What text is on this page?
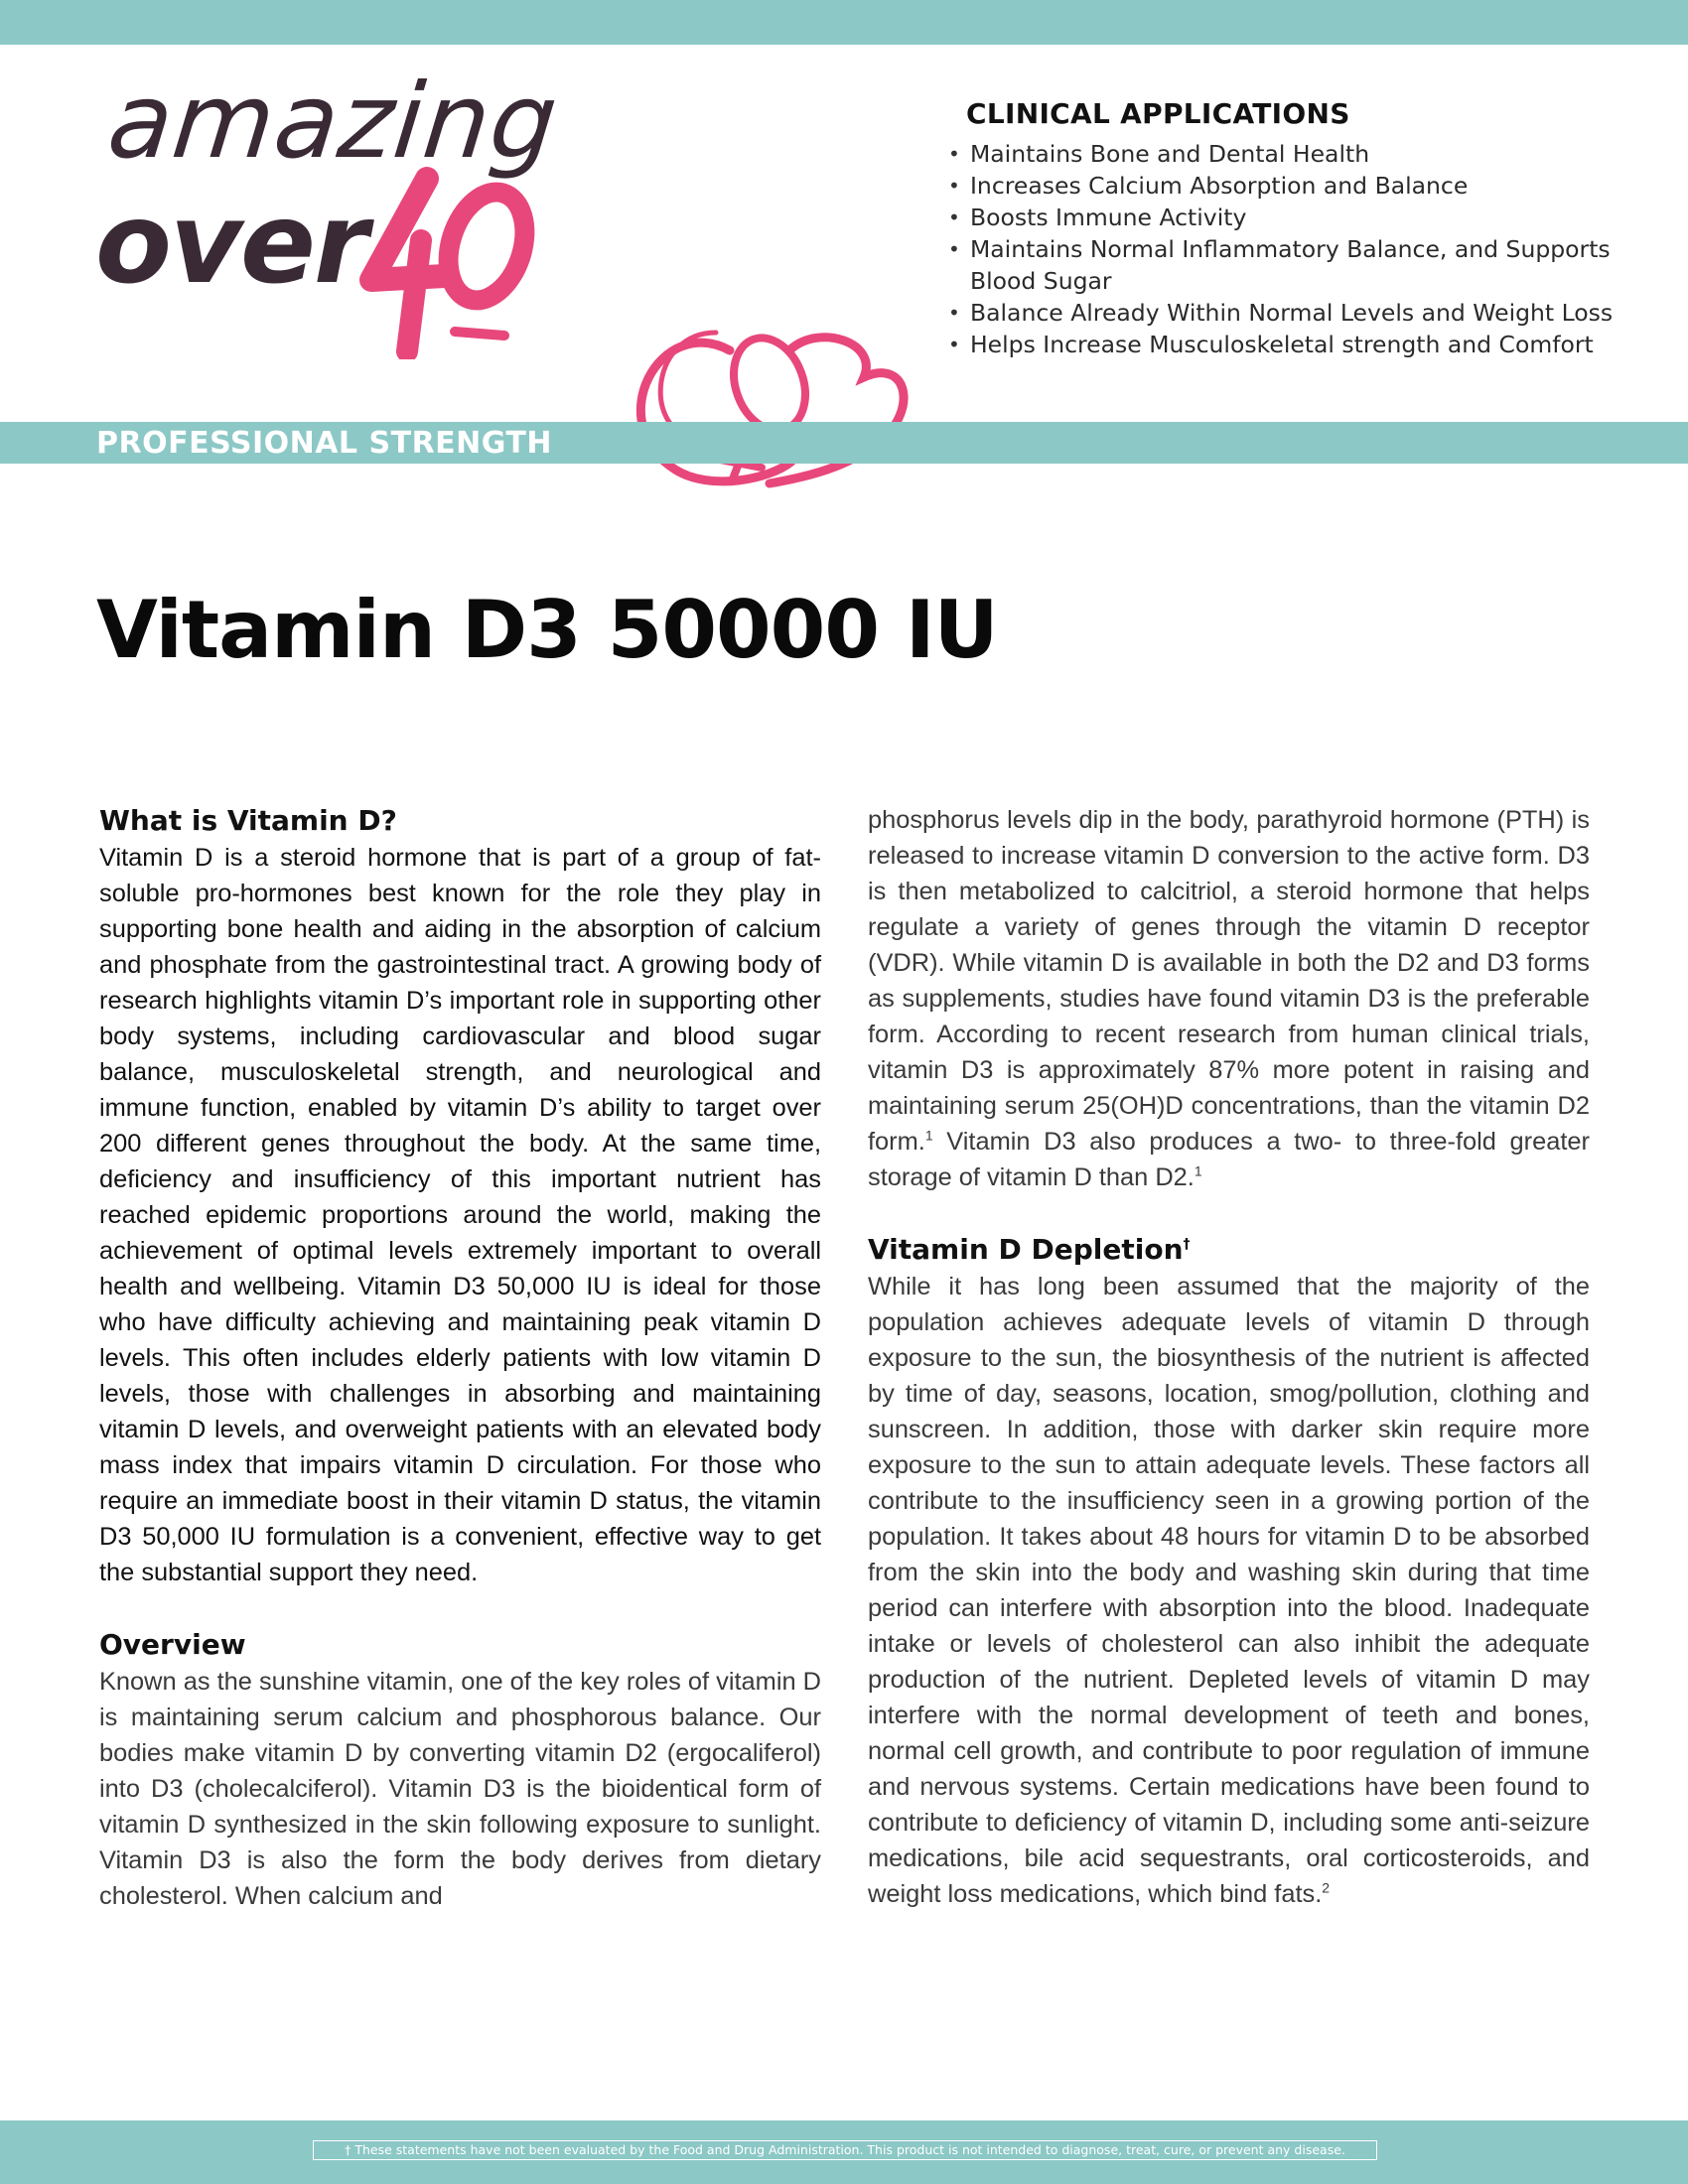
amazing
over
CLINICAL APPLICATIONS
• Maintains Bone and Dental Health
• Increases Calcium Absorption and Balance
• Boosts Immune Activity
• Maintains Normal Inflammatory Balance, and Supports Blood Sugar
• Balance Already Within Normal Levels and Weight Loss
• Helps Increase Musculoskeletal strength and Comfort
PROFESSIONAL STRENGTH
Vitamin D3 50000 IU
What is Vitamin D?

Vitamin D is a steroid hormone that is part of a group of fat-soluble pro-hormones best known for the role they play in supporting bone health and aiding in the absorption of calcium and phosphate from the gastrointestinal tract. A growing body of research highlights vitamin D’s important role in supporting other body systems, including cardiovascular and blood sugar balance, musculoskeletal strength, and neurological and immune function, enabled by vitamin D’s ability to target over 200 different genes throughout the body. At the same time, deficiency and insufficiency of this important nutrient has reached epidemic proportions around the world, making the achievement of optimal levels extremely important to overall health and wellbeing. Vitamin D3 50,000 IU is ideal for those who have difficulty achieving and maintaining peak vitamin D levels. This often includes elderly patients with low vitamin D levels, those with challenges in absorbing and maintaining vitamin D levels, and overweight patients with an elevated body mass index that impairs vitamin D circulation. For those who require an immediate boost in their vitamin D status, the vitamin D3 50,000 IU formulation is a convenient, effective way to get the substantial support they need.

Overview

Known as the sunshine vitamin, one of the key roles of vitamin D is maintaining serum calcium and phosphorous balance. Our bodies make vitamin D by converting vitamin D2 (ergocaliferol) into D3 (cholecalciferol). Vitamin D3 is the bioidentical form of vitamin D synthesized in the skin following exposure to sunlight. Vitamin D3 is also the form the body derives from dietary cholesterol. When calcium and

phosphorus levels dip in the body, parathyroid hormone (PTH) is released to increase vitamin D conversion to the active form. D3 is then metabolized to calcitriol, a steroid hormone that helps regulate a variety of genes through the vitamin D receptor (VDR). While vitamin D is available in both the D2 and D3 forms as supplements, studies have found vitamin D3 is the preferable form. According to recent research from human clinical trials, vitamin D3 is approximately 87% more potent in raising and maintaining serum 25(OH)D concentrations, than the vitamin D2 form.$^1$ Vitamin D3 also produces a two- to three-fold greater storage of vitamin D than D2.$^1$

Vitamin D Depletion†

While it has long been assumed that the majority of the population achieves adequate levels of vitamin D through exposure to the sun, the biosynthesis of the nutrient is affected by time of day, seasons, location, smog/pollution, clothing and sunscreen. In addition, those with darker skin require more exposure to the sun to attain adequate levels. These factors all contribute to the insufficiency seen in a growing portion of the population. It takes about 48 hours for vitamin D to be absorbed from the skin into the body and washing skin during that time period can interfere with absorption into the blood. Inadequate intake or levels of cholesterol can also inhibit the adequate production of the nutrient. Depleted levels of vitamin D may interfere with the normal development of teeth and bones, normal cell growth, and contribute to poor regulation of immune and nervous systems. Certain medications have been found to contribute to deficiency of vitamin D, including some anti-seizure medications, bile acid sequestrants, oral corticosteroids, and weight loss medications, which bind fats.$^2$

† These statements have not been evaluated by the Food and Drug Administration. This product is not intended to diagnose, treat, cure, or prevent any disease.
